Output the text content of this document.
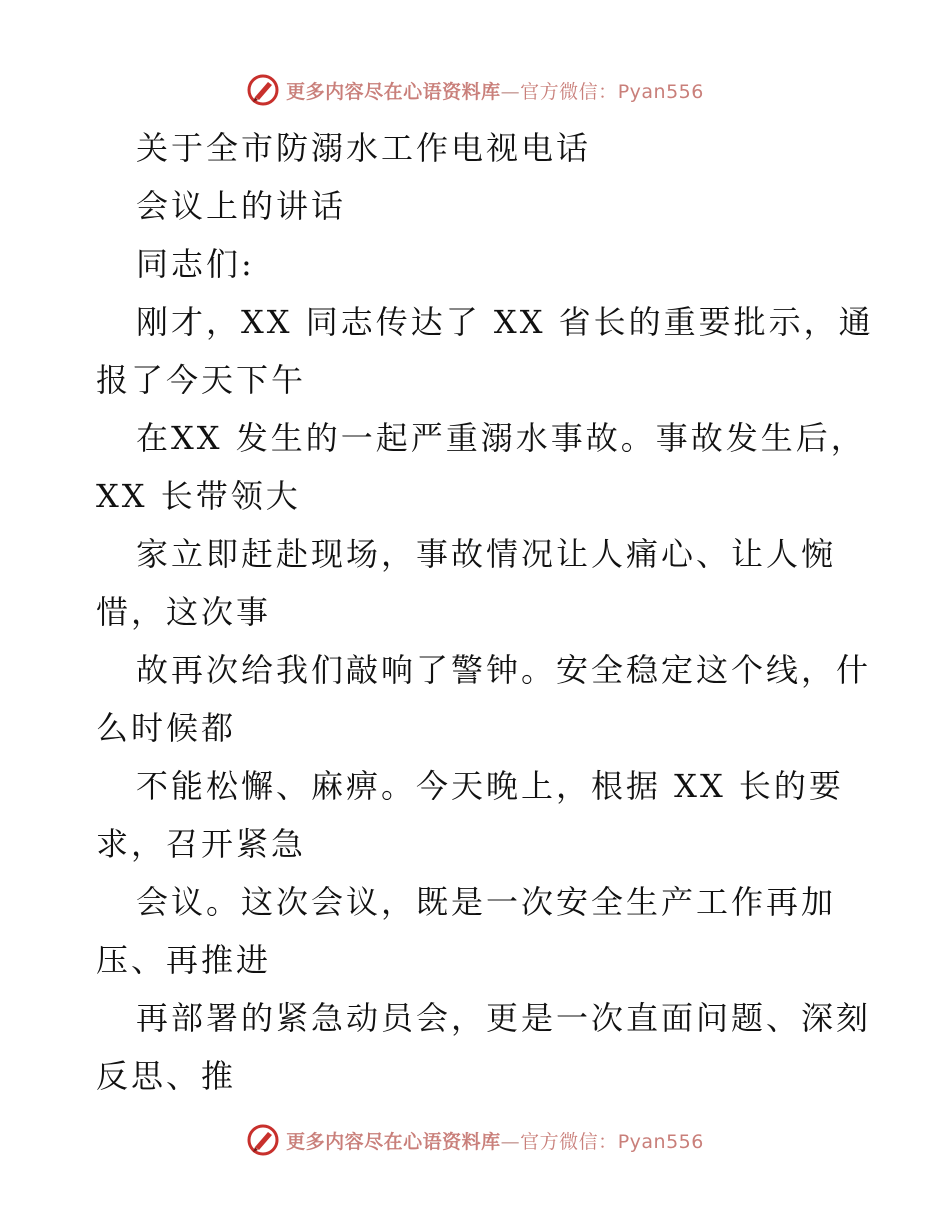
更多内容尽在心语资料库—官方微信：Pyan556
关于全市防溺水工作电视电话
会议上的讲话
同志们:
刚才，XX 同志传达了 XX 省长的重要批示，通
报了今天下午
在XX 发生的一起严重溺水事故。事故发生后，
XX 长带领大
家立即赶赴现场，事故情况让人痛心、让人惋
惜，这次事
故再次给我们敲响了警钟。安全稳定这个线，什
么时候都
不能松懈、麻痹。今天晚上，根据 XX 长的要
求，召开紧急
会议。这次会议，既是一次安全生产工作再加
压、再推进
再部署的紧急动员会，更是一次直面问题、深刻
反思、推
更多内容尽在心语资料库—官方微信：Pyan556
